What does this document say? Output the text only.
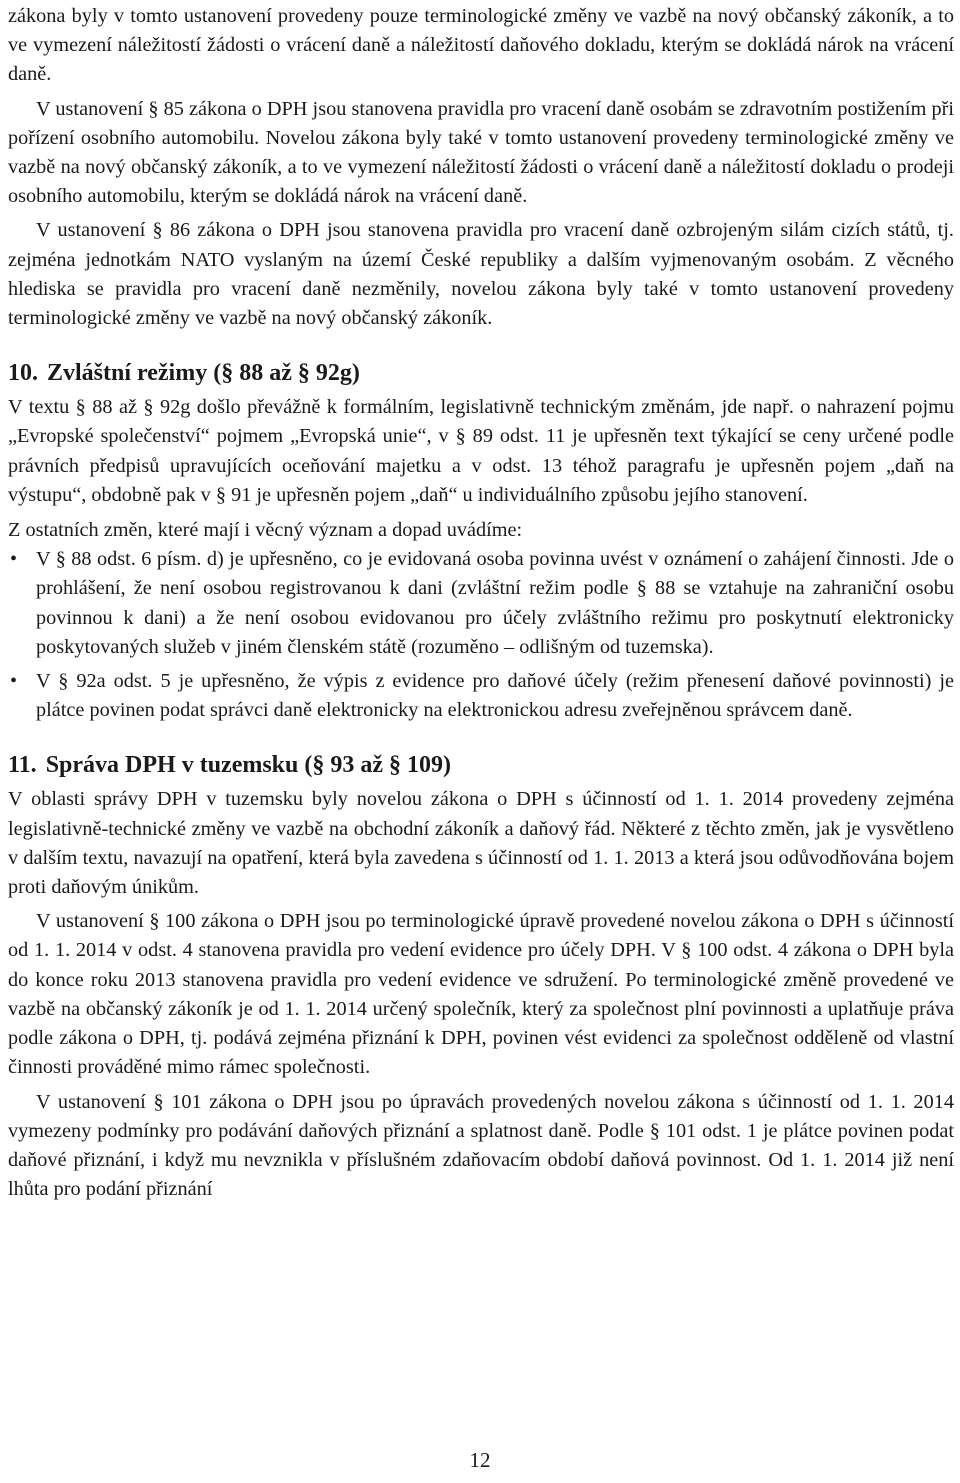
zákona byly v tomto ustanovení provedeny pouze terminologické změny ve vazbě na nový občanský zákoník, a to ve vymezení náležitostí žádosti o vrácení daně a náležitostí daňového dokladu, kterým se dokládá nárok na vrácení daně.

V ustanovení § 85 zákona o DPH jsou stanovena pravidla pro vracení daně osobám se zdravotním postižením při pořízení osobního automobilu. Novelou zákona byly také v tomto ustanovení provedeny terminologické změny ve vazbě na nový občanský zákoník, a to ve vymezení náležitostí žádosti o vrácení daně a náležitostí dokladu o prodeji osobního automobilu, kterým se dokládá nárok na vrácení daně.

V ustanovení § 86 zákona o DPH jsou stanovena pravidla pro vracení daně ozbrojeným silám cizích států, tj. zejména jednotkám NATO vyslaným na území České republiky a dalším vyjmenovaným osobám. Z věcného hlediska se pravidla pro vracení daně nezměnily, novelou zákona byly také v tomto ustanovení provedeny terminologické změny ve vazbě na nový občanský zákoník.

10. Zvláštní režimy (§ 88 až § 92g)

V textu § 88 až § 92g došlo převážně k formálním, legislativně technickým změnám, jde např. o nahrazení pojmu „Evropské společenství“ pojmem „Evropská unie“, v § 89 odst. 11 je upřesněn text týkající se ceny určené podle právních předpisů upravujících oceňování majetku a v odst. 13 téhož paragrafu je upřesněn pojem „daň na výstupu“, obdobně pak v § 91 je upřesněn pojem „daň“ u individuálního způsobu jejího stanovení.

Z ostatních změn, které mají i věcný význam a dopad uvádíme:

• V § 88 odst. 6 písm. d) je upřesněno, co je evidovaná osoba povinna uvést v oznámení o zahájení činnosti. Jde o prohlášení, že není osobou registrovanou k dani (zvláštní režim podle § 88 se vztahuje na zahraniční osobu povinnou k dani) a že není osobou evidovanou pro účely zvláštního režimu pro poskytnutí elektronicky poskytovaných služeb v jiném členském státě (rozuměno – odlišným od tuzemska).

• V § 92a odst. 5 je upřesněno, že výpis z evidence pro daňové účely (režim přenesení daňové povinnosti) je plátce povinen podat správci daně elektronicky na elektronickou adresu zveřejněnou správcem daně.

11. Správa DPH v tuzemsku (§ 93 až § 109)

V oblasti správy DPH v tuzemsku byly novelou zákona o DPH s účinností od 1. 1. 2014 provedeny zejména legislativně-technické změny ve vazbě na obchodní zákoník a daňový řád. Některé z těchto změn, jak je vysvětleno v dalším textu, navazují na opatření, která byla zavedena s účinností od 1. 1. 2013 a která jsou odůvodňována bojem proti daňovým únikům.

V ustanovení § 100 zákona o DPH jsou po terminologické úpravě provedené novelou zákona o DPH s účinností od 1. 1. 2014 v odst. 4 stanovena pravidla pro vedení evidence pro účely DPH. V § 100 odst. 4 zákona o DPH byla do konce roku 2013 stanovena pravidla pro vedení evidence ve sdružení. Po terminologické změně provedené ve vazbě na občanský zákoník je od 1. 1. 2014 určený společník, který za společnost plní povinnosti a uplatňuje práva podle zákona o DPH, tj. podává zejména přiznání k DPH, povinen vést evidenci za společnost odděleně od vlastní činnosti prováděné mimo rámec společnosti.

V ustanovení § 101 zákona o DPH jsou po úpravách provedených novelou zákona s účinností od 1. 1. 2014 vymezeny podmínky pro podávání daňových přiznání a splatnost daně. Podle § 101 odst. 1 je plátce povinen podat daňové přiznání, i když mu nevznikla v příslušném zdaňovacím období daňová povinnost. Od 1. 1. 2014 již není lhůta pro podání přiznání

12
